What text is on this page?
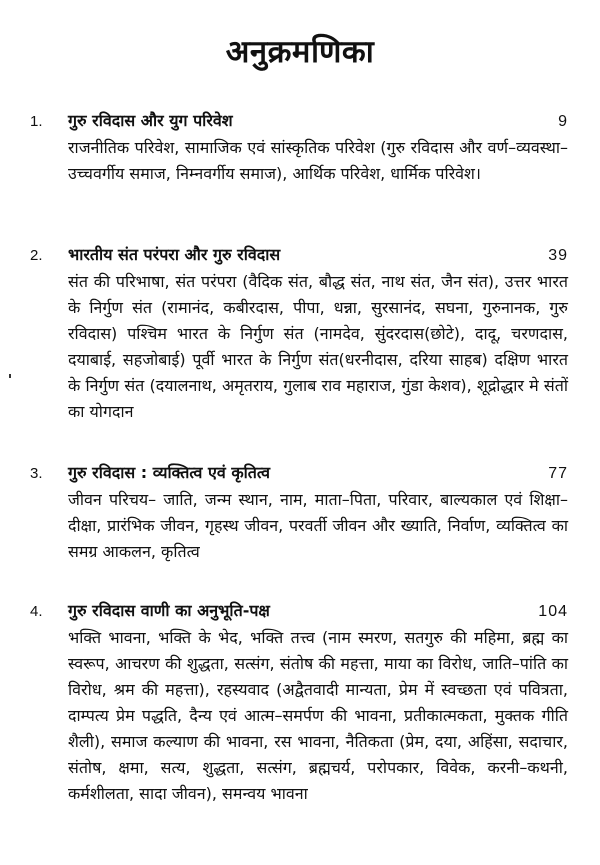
अनुक्रमणिका
1.	गुरु रविदास और युग परिवेश	9
राजनीतिक परिवेश, सामाजिक एवं सांस्कृतिक परिवेश (गुरु रविदास और वर्ण–व्यवस्था–उच्चवर्गीय समाज, निम्नवर्गीय समाज), आर्थिक परिवेश, धार्मिक परिवेश।
2.	भारतीय संत परंपरा और गुरु रविदास	39
संत की परिभाषा, संत परंपरा (वैदिक संत, बौद्ध संत, नाथ संत, जैन संत), उत्तर भारत के निर्गुण संत (रामानंद, कबीरदास, पीपा, धन्ना, सुरसानंद, सघना, गुरुनानक, गुरु रविदास) पश्चिम भारत के निर्गुण संत (नामदेव, सुंदरदास(छोटे), दादू, चरणदास, दयाबाई, सहजोबाई) पूर्वी भारत के निर्गुण संत(धरनीदास, दरिया साहब) दक्षिण भारत के निर्गुण संत (दयालनाथ, अमृतराय, गुलाब राव महाराज, गुंडा केशव), शूद्रोद्धार मे संतों का योगदान
3.	गुरु रविदास : व्यक्तित्व एवं कृतित्व	77
जीवन परिचय– जाति, जन्म स्थान, नाम, माता–पिता, परिवार, बाल्यकाल एवं शिक्षा–दीक्षा, प्रारंभिक जीवन, गृहस्थ जीवन, परवर्ती जीवन और ख्याति, निर्वाण, व्यक्तित्व का समग्र आकलन, कृतित्व
4.	गुरु रविदास वाणी का अनुभूति-पक्ष	104
भक्ति भावना, भक्ति के भेद, भक्ति तत्त्व (नाम स्मरण, सतगुरु की महिमा, ब्रह्म का स्वरूप, आचरण की शुद्धता, सत्संग, संतोष की महत्ता, माया का विरोध, जाति–पांति का विरोध, श्रम की महत्ता), रहस्यवाद (अद्वैतवादी मान्यता, प्रेम में स्वच्छता एवं पवित्रता, दाम्पत्य प्रेम पद्धति, दैन्य एवं आत्म–समर्पण की भावना, प्रतीकात्मकता, मुक्तक गीति शैली), समाज कल्याण की भावना, रस भावना, नैतिकता (प्रेम, दया, अहिंसा, सदाचार, संतोष, क्षमा, सत्य, शुद्धता, सत्संग, ब्रह्मचर्य, परोपकार, विवेक, करनी–कथनी, कर्मशीलता, सादा जीवन), समन्वय भावना
